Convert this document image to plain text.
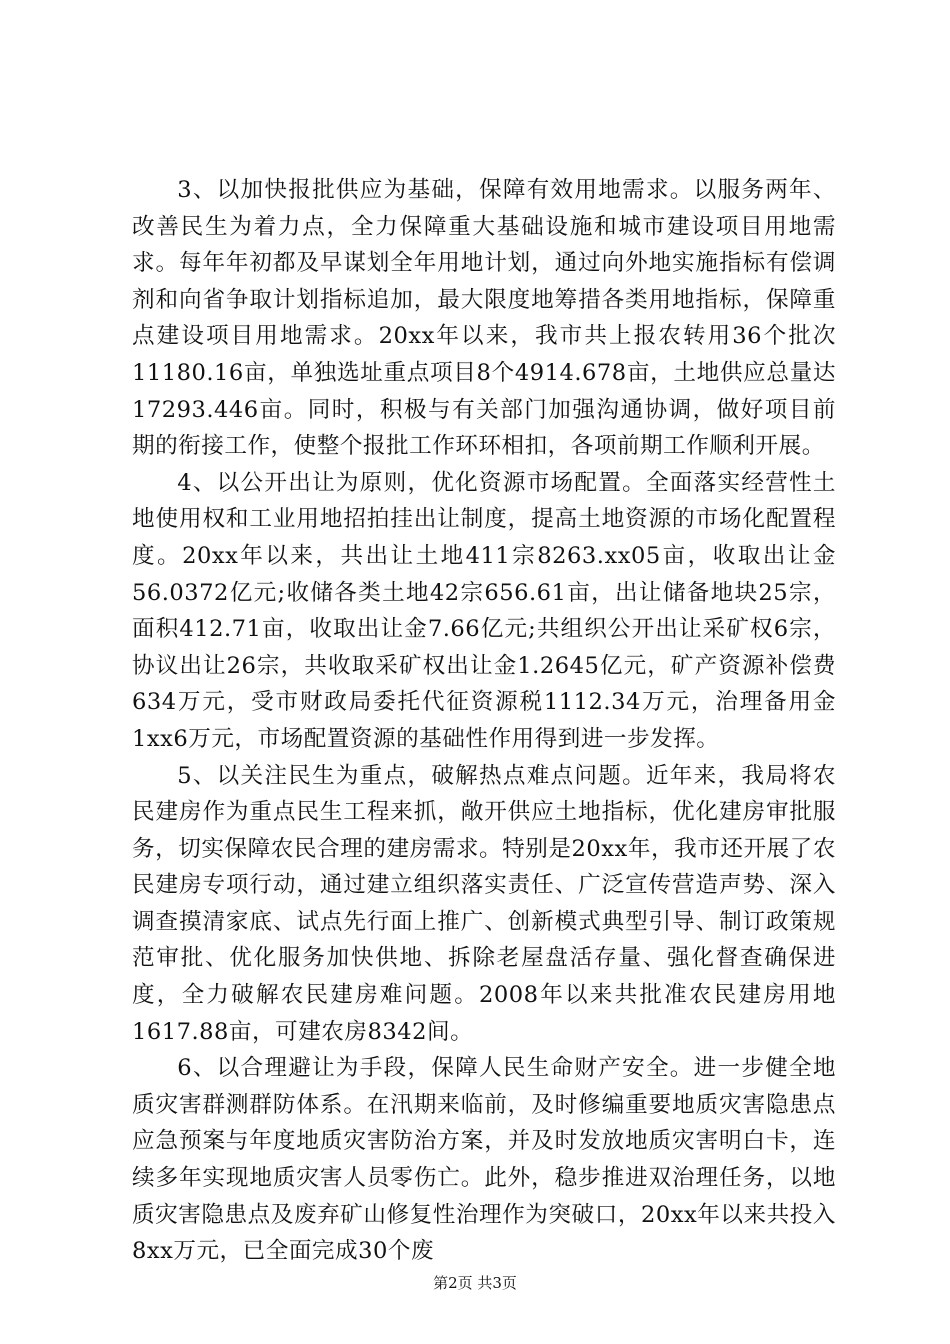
3、以加快报批供应为基础，保障有效用地需求。以服务两年、改善民生为着力点，全力保障重大基础设施和城市建设项目用地需求。每年年初都及早谋划全年用地计划，通过向外地实施指标有偿调剂和向省争取计划指标追加，最大限度地筹措各类用地指标，保障重点建设项目用地需求。20xx年以来，我市共上报农转用36个批次11180.16亩，单独选址重点项目8个4914.678亩，土地供应总量达17293.446亩。同时，积极与有关部门加强沟通协调，做好项目前期的衔接工作，使整个报批工作环环相扣，各项前期工作顺利开展。

4、以公开出让为原则，优化资源市场配置。全面落实经营性土地使用权和工业用地招拍挂出让制度，提高土地资源的市场化配置程度。20xx年以来，共出让土地411宗8263.xx05亩，收取出让金56.0372亿元;收储各类土地42宗656.61亩，出让储备地块25宗，面积412.71亩，收取出让金7.66亿元;共组织公开出让采矿权6宗，协议出让26宗，共收取采矿权出让金1.2645亿元，矿产资源补偿费634万元，受市财政局委托代征资源税1112.34万元，治理备用金1xx6万元，市场配置资源的基础性作用得到进一步发挥。

5、以关注民生为重点，破解热点难点问题。近年来，我局将农民建房作为重点民生工程来抓，敞开供应土地指标，优化建房审批服务，切实保障农民合理的建房需求。特别是20xx年，我市还开展了农民建房专项行动，通过建立组织落实责任、广泛宣传营造声势、深入调查摸清家底、试点先行面上推广、创新模式典型引导、制订政策规范审批、优化服务加快供地、拆除老屋盘活存量、强化督查确保进度，全力破解农民建房难问题。2008年以来共批准农民建房用地1617.88亩，可建农房8342间。

6、以合理避让为手段，保障人民生命财产安全。进一步健全地质灾害群测群防体系。在汛期来临前，及时修编重要地质灾害隐患点应急预案与年度地质灾害防治方案，并及时发放地质灾害明白卡，连续多年实现地质灾害人员零伤亡。此外，稳步推进双治理任务，以地质灾害隐患点及废弃矿山修复性治理作为突破口，20xx年以来共投入8xx万元，已全面完成30个废

第2页 共3页
